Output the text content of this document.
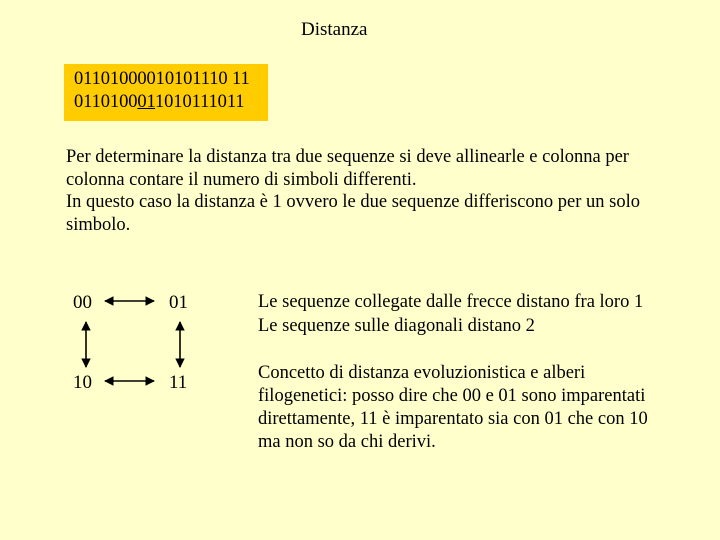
Distanza
01101000010101110 11
0110100011010111011
Per determinare la distanza tra due sequenze si deve allinearle e colonna per
colonna contare il numero di simboli differenti.
In questo caso la distanza è 1 ovvero le due sequenze differiscono per un solo
simbolo.
00	01
10	11
Le sequenze collegate dalle frecce distano fra loro 1
Le sequenze sulle diagonali distano 2
Concetto di distanza evoluzionistica e alberi
filogenetici: posso dire che 00 e 01 sono imparentati
direttamente, 11 è imparentato sia con 01 che con 10
ma non so da chi derivi.
